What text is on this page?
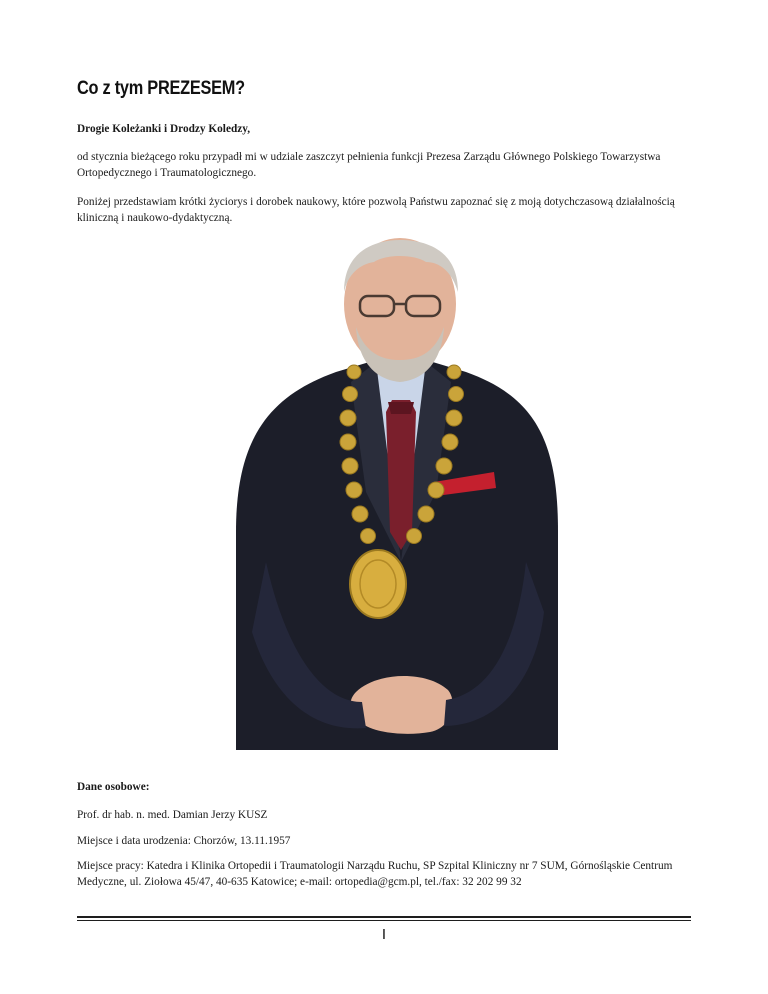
Co z tym PREZESEM?
Drogie Koleżanki i Drodzy Koledzy,
od stycznia bieżącego roku przypadł mi w udziale zaszczyt pełnienia funkcji Prezesa Zarządu Głównego Polskiego Towarzystwa Ortopedycznego i Traumatologicznego.
Poniżej przedstawiam krótki życiorys i dorobek naukowy, które pozwolą Państwu zapoznać się z moją dotychczasową działalnością kliniczną i naukowo-dydaktyczną.
Dane osobowe:
Prof. dr hab. n. med. Damian Jerzy KUSZ
Miejsce i data urodzenia: Chorzów, 13.11.1957
Miejsce pracy: Katedra i Klinika Ortopedii i Traumatologii Narządu Ruchu, SP Szpital Kliniczny nr 7 SUM, Górnośląskie Centrum Medyczne, ul. Ziołowa 45/47, 40-635 Katowice; e-mail: ortopedia@gcm.pl, tel./fax: 32 202 99 32
I
